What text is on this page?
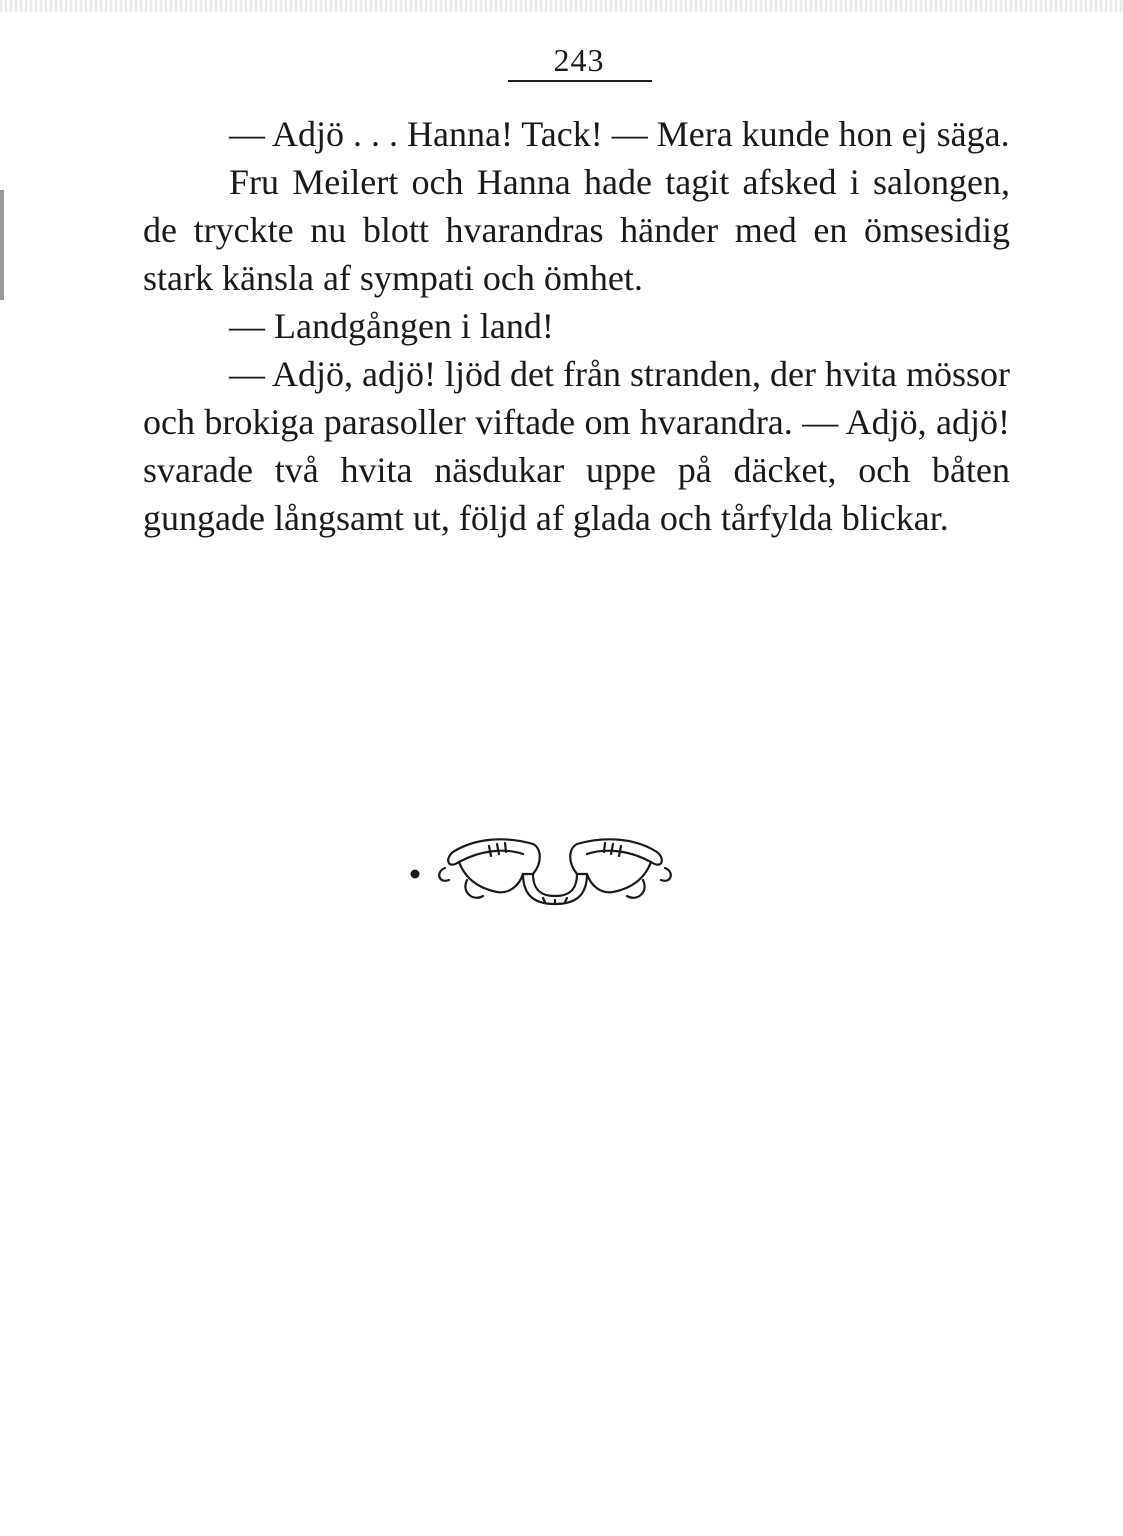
243

— Adjö . . . Hanna! Tack! — Mera kunde hon ej säga.

Fru Meilert och Hanna hade tagit afsked i salongen, de tryckte nu blott hvarandras händer med en ömsesidig stark känsla af sympati och ömhet.

— Landgången i land!

— Adjö, adjö! ljöd det från stranden, der hvita mössor och brokiga parasoller viftade om hvarandra. — Adjö, adjö! svarade två hvita näsdukar uppe på däcket, och båten gungade långsamt ut, följd af glada och tårfylda blickar.
